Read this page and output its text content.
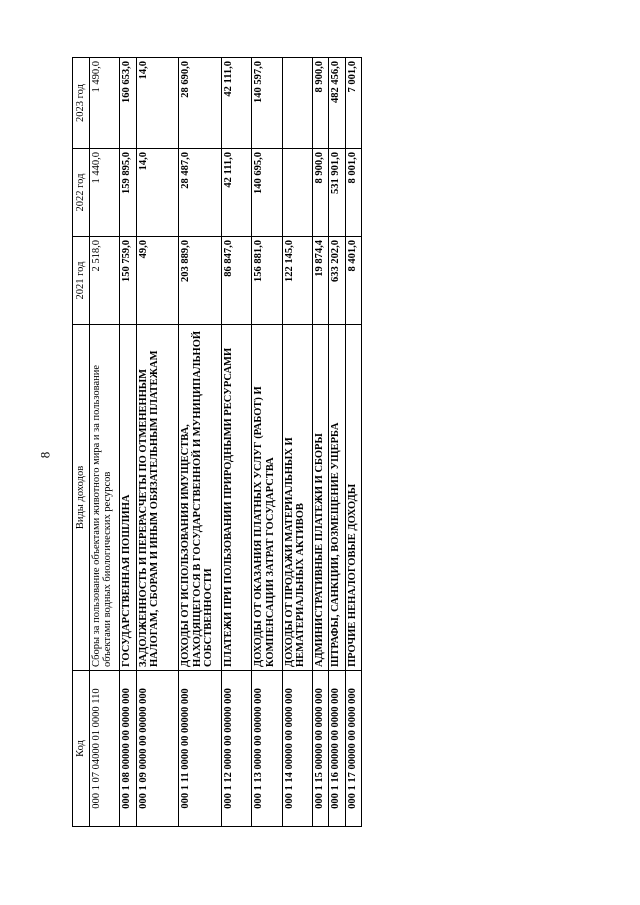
8
Код	Виды доходов	2021 год	2022 год	2023 год
000 1 07 04000 01 0000 110	Сборы за пользование объектами животного мира и за пользование объектами водных биологических ресурсов	2 518,0	1 440,0	1 490,0
000 1 08 00000 00 0000 000	ГОСУДАРСТВЕННАЯ ПОШЛИНА	150 759,0	159 895,0	160 653,0
000 1 09 0000 00 00000 000	ЗАДОЛЖЕННОСТЬ И ПЕРЕРАСЧЕТЫ ПО ОТМЕНЕННЫМ НАЛОГАМ, СБОРАМ И ИНЫМ ОБЯЗАТЕЛЬНЫМ ПЛАТЕЖАМ	49,0	14,0	14,0
000 1 11 0000 00 00000 000	ДОХОДЫ ОТ ИСПОЛЬЗОВАНИЯ ИМУЩЕСТВА, НАХОДЯЩЕГОСЯ В ГОСУДАРСТВЕННОЙ И МУНИЦИПАЛЬНОЙ СОБСТВЕННОСТИ	203 889,0	28 487,0	28 690,0
000 1 12 0000 00 00000 000	ПЛАТЕЖИ ПРИ ПОЛЬЗОВАНИИ ПРИРОДНЫМИ РЕСУРСАМИ	86 847,0	42 111,0	42 111,0
000 1 13 0000 00 00000 000	ДОХОДЫ ОТ ОКАЗАНИЯ ПЛАТНЫХ УСЛУГ (РАБОТ) И КОМПЕНСАЦИИ ЗАТРАТ ГОСУДАРСТВА	156 881,0	140 695,0	140 597,0
000 1 14 00000 00 0000 000	ДОХОДЫ ОТ ПРОДАЖИ МАТЕРИАЛЬНЫХ И НЕМАТЕРИАЛЬНЫХ АКТИВОВ	122 145,0		
000 1 15 00000 00 0000 000	АДМИНИСТРАТИВНЫЕ ПЛАТЕЖИ И СБОРЫ	19 874,4	8 900,0	8 900,0
000 1 16 00000 00 0000 000	ШТРАФЫ, САНКЦИИ, ВОЗМЕЩЕНИЕ УЩЕРБА	633 202,0	531 901,0	482 456,0
000 1 17 00000 00 0000 000	ПРОЧИЕ НЕНАЛОГОВЫЕ ДОХОДЫ	8 401,0	8 001,0	7 001,0
